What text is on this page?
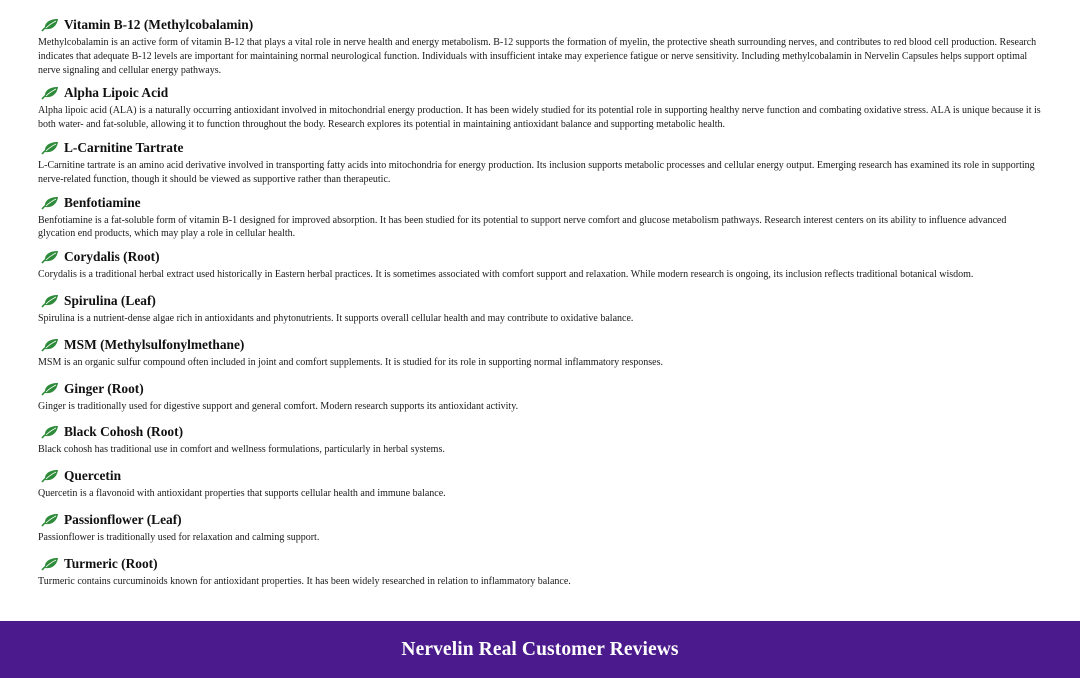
Vitamin B-12 (Methylcobalamin)

Methylcobalamin is an active form of vitamin B-12 that plays a vital role in nerve health and energy metabolism. B-12 supports the formation of myelin, the protective sheath surrounding nerves, and contributes to red blood cell production. Research indicates that adequate B-12 levels are important for maintaining normal neurological function. Individuals with insufficient intake may experience fatigue or nerve sensitivity. Including methylcobalamin in Nervelin Capsules helps support optimal nerve signaling and cellular energy pathways.

Alpha Lipoic Acid

Alpha lipoic acid (ALA) is a naturally occurring antioxidant involved in mitochondrial energy production. It has been widely studied for its potential role in supporting healthy nerve function and combating oxidative stress. ALA is unique because it is both water- and fat-soluble, allowing it to function throughout the body. Research explores its potential in maintaining antioxidant balance and supporting metabolic health.

L-Carnitine Tartrate

L-Carnitine tartrate is an amino acid derivative involved in transporting fatty acids into mitochondria for energy production. Its inclusion supports metabolic processes and cellular energy output. Emerging research has examined its role in supporting nerve-related function, though it should be viewed as supportive rather than therapeutic.

Benfotiamine

Benfotiamine is a fat-soluble form of vitamin B-1 designed for improved absorption. It has been studied for its potential to support nerve comfort and glucose metabolism pathways. Research interest centers on its ability to influence advanced glycation end products, which may play a role in cellular health.

Corydalis (Root)

Corydalis is a traditional herbal extract used historically in Eastern herbal practices. It is sometimes associated with comfort support and relaxation. While modern research is ongoing, its inclusion reflects traditional botanical wisdom.

Spirulina (Leaf)

Spirulina is a nutrient-dense algae rich in antioxidants and phytonutrients. It supports overall cellular health and may contribute to oxidative balance.

MSM (Methylsulfonylmethane)

MSM is an organic sulfur compound often included in joint and comfort supplements. It is studied for its role in supporting normal inflammatory responses.

Ginger (Root)

Ginger is traditionally used for digestive support and general comfort. Modern research supports its antioxidant activity.

Black Cohosh (Root)

Black cohosh has traditional use in comfort and wellness formulations, particularly in herbal systems.

Quercetin

Quercetin is a flavonoid with antioxidant properties that supports cellular health and immune balance.

Passionflower (Leaf)

Passionflower is traditionally used for relaxation and calming support.

Turmeric (Root)

Turmeric contains curcuminoids known for antioxidant properties. It has been widely researched in relation to inflammatory balance.

Nervelin Real Customer Reviews
